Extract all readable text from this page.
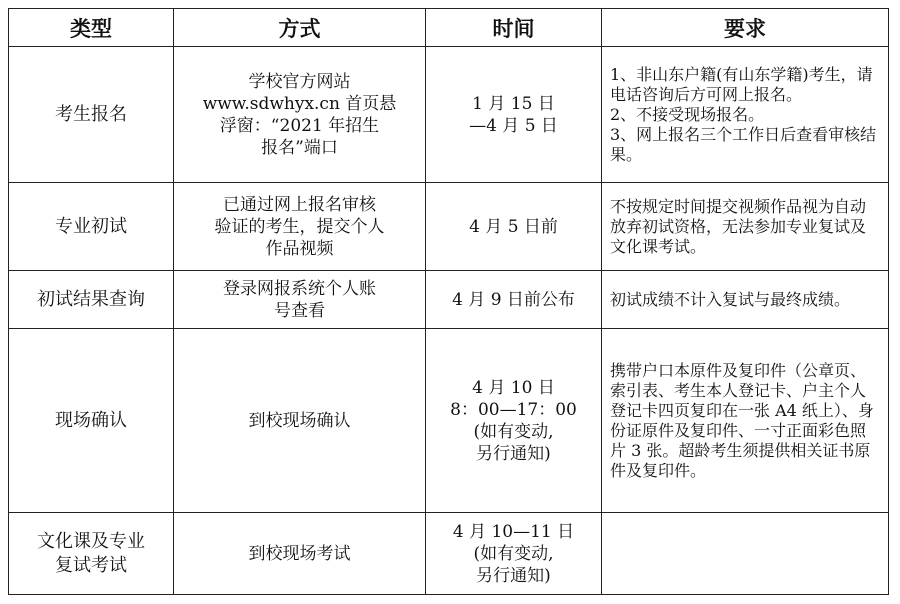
类型	方式	时间	要求

考生报名	学校官方网站
www.sdwhyx.cn 首页悬
浮窗：“2021 年招生
报名”端口	1 月 15 日
—4 月 5 日	1、非山东户籍(有山东学籍)考生，请电话咨询后方可网上报名。
2、不接受现场报名。
3、网上报名三个工作日后查看审核结果。

专业初试	已通过网上报名审核
验证的考生，提交个人
作品视频	4 月 5 日前	不按规定时间提交视频作品视为自动放弃初试资格，无法参加专业复试及文化课考试。

初试结果查询	登录网报系统个人账
号查看	4 月 9 日前公布	初试成绩不计入复试与最终成绩。

现场确认	到校现场确认	4 月 10 日
8：00—17：00
(如有变动,
另行通知)	携带户口本原件及复印件（公章页、索引表、考生本人登记卡、户主个人登记卡四页复印在一张 A4 纸上）、身份证原件及复印件、一寸正面彩色照片 3 张。超龄考生须提供相关证书原件及复印件。

文化课及专业
复试考试	到校现场考试	4 月 10—11 日
(如有变动,
另行通知)	
